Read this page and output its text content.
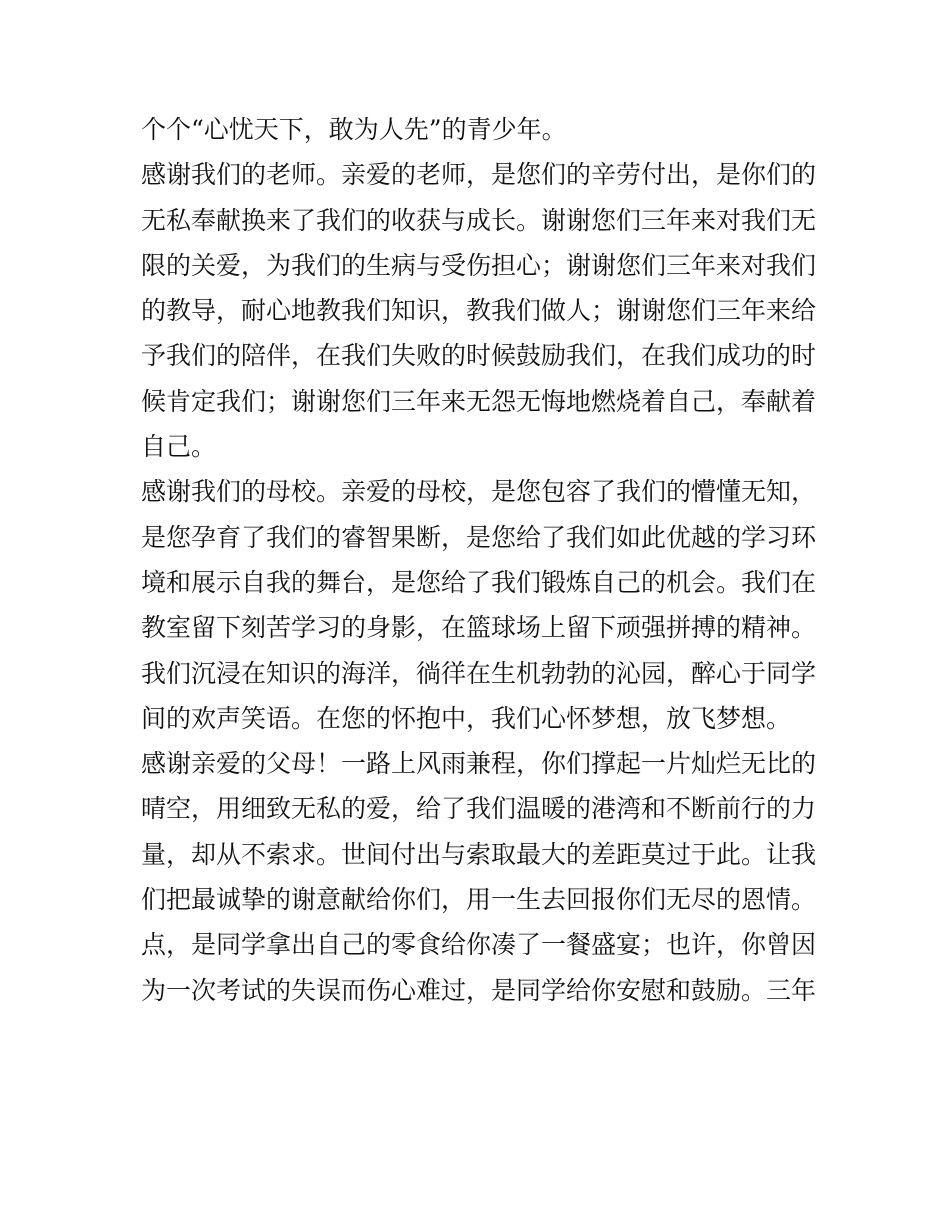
个个“心忧天下，敢为人先”的青少年。
感谢我们的老师。亲爱的老师，是您们的辛劳付出，是你们的
无私奉献换来了我们的收获与成长。谢谢您们三年来对我们无
限的关爱，为我们的生病与受伤担心；谢谢您们三年来对我们
的教导，耐心地教我们知识，教我们做人；谢谢您们三年来给
予我们的陪伴，在我们失败的时候鼓励我们，在我们成功的时
候肯定我们；谢谢您们三年来无怨无悔地燃烧着自己，奉献着
自己。
感谢我们的母校。亲爱的母校，是您包容了我们的懵懂无知，
是您孕育了我们的睿智果断，是您给了我们如此优越的学习环
境和展示自我的舞台，是您给了我们锻炼自己的机会。我们在
教室留下刻苦学习的身影，在篮球场上留下顽强拼搏的精神。
我们沉浸在知识的海洋，徜徉在生机勃勃的沁园，醉心于同学
间的欢声笑语。在您的怀抱中，我们心怀梦想，放飞梦想。
感谢亲爱的父母！一路上风雨兼程，你们撑起一片灿烂无比的
晴空，用细致无私的爱，给了我们温暖的港湾和不断前行的力
量，却从不索求。世间付出与索取最大的差距莫过于此。让我
们把最诚挚的谢意献给你们，用一生去回报你们无尽的恩情。
点，是同学拿出自己的零食给你凑了一餐盛宴；也许，你曾因
为一次考试的失误而伤心难过，是同学给你安慰和鼓励。三年
